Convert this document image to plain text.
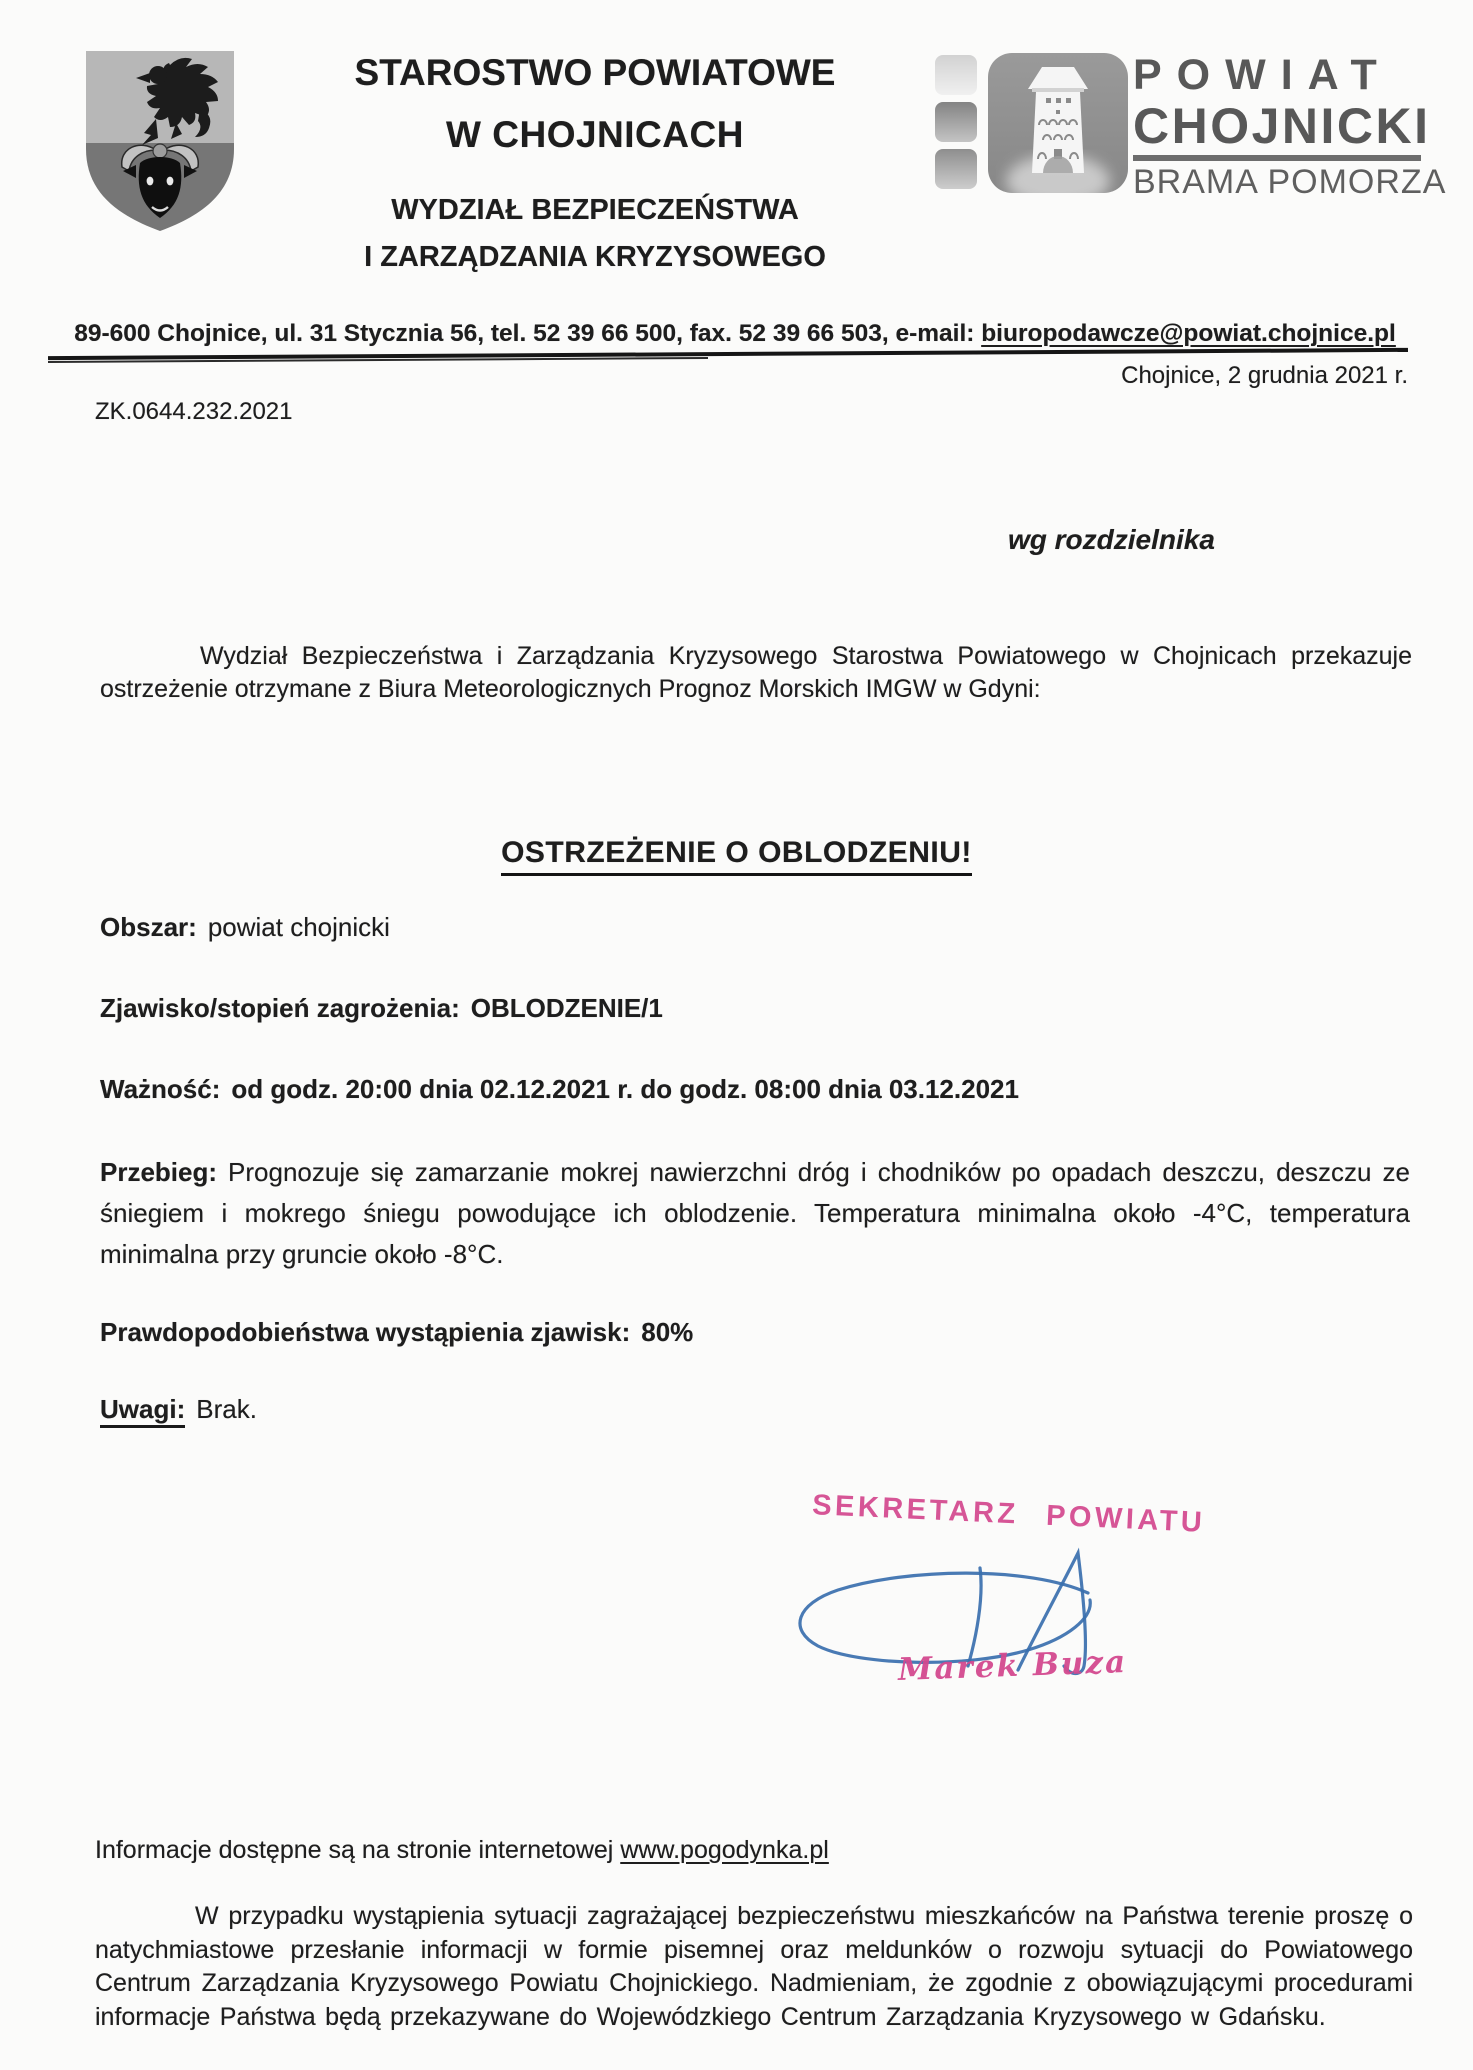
STAROSTWO POWIATOWE
W CHOJNICACH
WYDZIAŁ BEZPIECZEŃSTWA
I ZARZĄDZANIA KRYZYSOWEGO
POWIAT
CHOJNICKI
BRAMA POMORZA
89-600 Chojnice, ul. 31 Stycznia 56, tel. 52 39 66 500, fax. 52 39 66 503, e-mail: biuropodawcze@powiat.chojnice.pl
Chojnice, 2 grudnia 2021 r.
ZK.0644.232.2021
wg rozdzielnika

Wydział Bezpieczeństwa i Zarządzania Kryzysowego Starostwa Powiatowego w Chojnicach przekazuje ostrzeżenie otrzymane z Biura Meteorologicznych Prognoz Morskich IMGW w Gdyni:

OSTRZEŻENIE O OBLODZENIU!
Obszar: powiat chojnicki
Zjawisko/stopień zagrożenia: OBLODZENIE/1
Ważność: od godz. 20:00 dnia 02.12.2021 r. do godz. 08:00 dnia 03.12.2021

Przebieg: Prognozuje się zamarzanie mokrej nawierzchni dróg i chodników po opadach deszczu, deszczu ze śniegiem i mokrego śniegu powodujące ich oblodzenie. Temperatura minimalna około -4°C, temperatura minimalna przy gruncie około -8°C.

Prawdopodobieństwa wystąpienia zjawisk: 80%
Uwagi: Brak.
SEKRETARZ POWIATU
Marek Buza
Informacje dostępne są na stronie internetowej www.pogodynka.pl

W przypadku wystąpienia sytuacji zagrażającej bezpieczeństwu mieszkańców na Państwa terenie proszę o natychmiastowe przesłanie informacji w formie pisemnej oraz meldunków o rozwoju sytuacji do Powiatowego Centrum Zarządzania Kryzysowego Powiatu Chojnickiego. Nadmieniam, że zgodnie z obowiązującymi procedurami informacje Państwa będą przekazywane do Wojewódzkiego Centrum Zarządzania Kryzysowego w Gdańsku.
